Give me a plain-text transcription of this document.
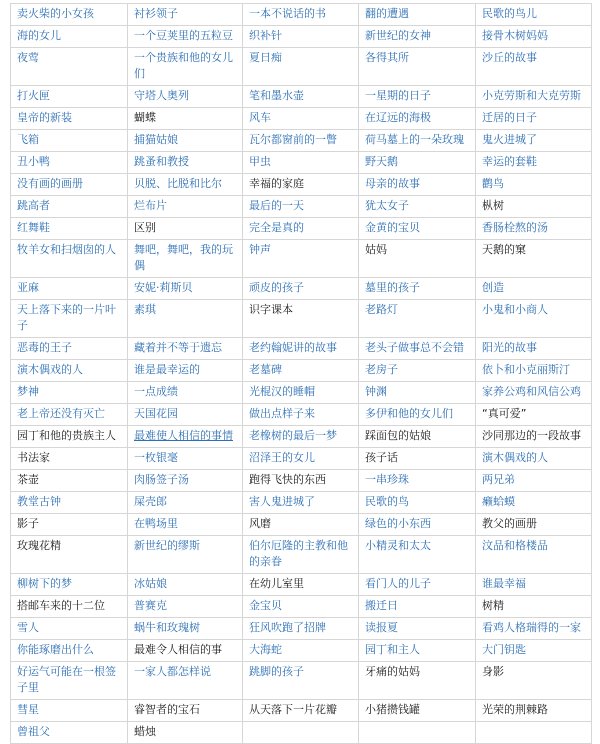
卖火柴的小女孩	衬衫领子	一本不说话的书	翻的遭遇	民歌的鸟儿
海的女儿	一个豆荚里的五粒豆	织补针	新世纪的女神	接骨木树妈妈
夜莺	一个贵族和他的女儿们	夏日痴	各得其所	沙丘的故事
打火匣	守塔人奥列	笔和墨水壶	一星期的日子	小克劳斯和大克劳斯
皇帝的新装	蝴蝶	风车	在辽远的海极	迁居的日子
飞箱	捕猫姑娘	瓦尔都窗前的一瞥	荷马墓上的一朵玫瑰	鬼火进城了
丑小鸭	跳蚤和教授	甲虫	野天鹅	幸运的套鞋
没有画的画册	贝脱、比脱和比尔	幸福的家庭	母亲的故事	鹳鸟
跳高者	烂布片	最后的一天	犹太女子	枞树
红舞鞋	区别	完全是真的	金黄的宝贝	香肠栓熬的汤
牧羊女和扫烟囱的人	舞吧，舞吧，我的玩偶	钟声	姑妈	天鹅的窠
亚麻	安妮·莉斯贝	顽皮的孩子	墓里的孩子	创造
天上落下来的一片叶子	素琪	识字课本	老路灯	小鬼和小商人
恶毒的王子	藏着并不等于遗忘	老约翰妮讲的故事	老头子做事总不会错	阳光的故事
演木偶戏的人	谁是最幸运的	老墓碑	老房子	依卜和小克丽斯汀
梦神	一点成绩	光棍汉的睡帽	钟渊	家养公鸡和风信公鸡
老上帝还没有灭亡	天国花园	做出点样子来	多伊和他的女儿们	“真可爱”
园丁和他的贵族主人	最难使人相信的事情	老橡树的最后一梦	踩面包的姑娘	沙同那边的一段故事
书法家	一枚银毫	沼泽王的女儿	孩子话	演木偶戏的人
茶壶	肉肠签子汤	跑得飞快的东西	一串珍珠	两兄弟
教堂古钟	屎壳郎	害人鬼进城了	民歌的鸟	癞蛤蟆
影子	在鸭场里	风磨	绿色的小东西	教父的画册
玫瑰花精	新世纪的缪斯	伯尔厄隆的主教和他的亲眷	小精灵和太太	汶品和格楼品
柳树下的梦	冰姑娘	在幼儿室里	看门人的儿子	谁最幸福
搭邮车来的十二位	普赛克	金宝贝	搬迁日	树精
雪人	蜗牛和玫瑰树	狂风吹跑了招牌	读报夏	看鸡人格瑞得的一家
你能琢磨出什么	最难令人相信的事	大海蛇	园丁和主人	大门钥匙
好运气可能在一根签子里	一家人都怎样说	跳脚的孩子	牙痛的姑妈	身影
彗星	睿智者的宝石	从天落下一片花瓣	小猪攒钱罐	光荣的荆棘路
曾祖父	蜡烛			
